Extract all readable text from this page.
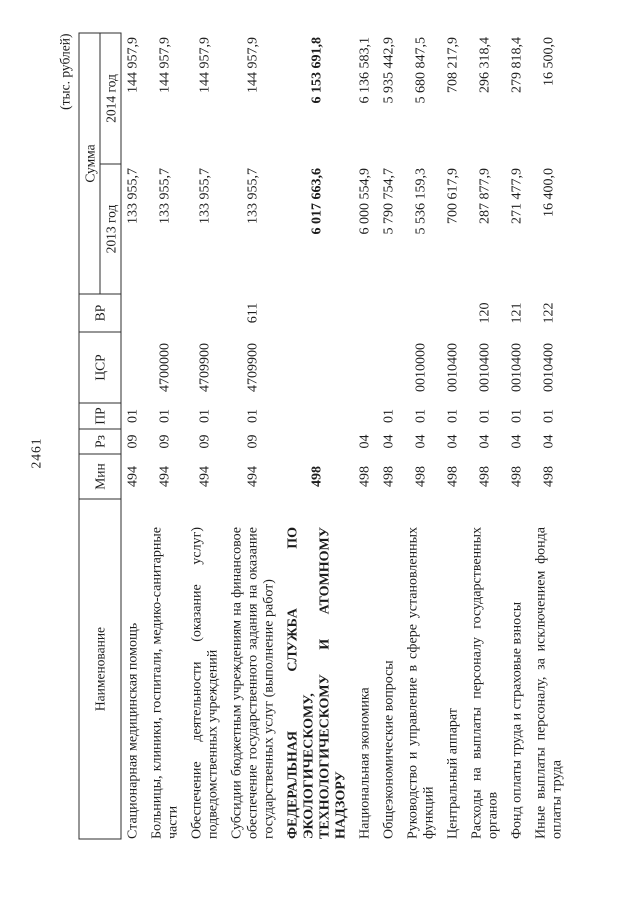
2461
(тыс. рублей)
Наименование	Мин	Рз	ПР	ЦСР	ВР	Сумма	
						2013 год	2014 год
Стационарная медицинская помощь	494	09	01			133 955,7	144 957,9
Больницы, клиники, госпитали, медико-санитарные части	494	09	01	4700000		133 955,7	144 957,9
Обеспечение деятельности (оказание услуг) подведомственных учреждений	494	09	01	4709900		133 955,7	144 957,9
Субсидии бюджетным учреждениям на финансовое обеспечение государственного задания на оказание государственных услуг (выполнение работ)	494	09	01	4709900	611	133 955,7	144 957,9
ФЕДЕРАЛЬНАЯ СЛУЖБА ПО ЭКОЛОГИЧЕСКОМУ, ТЕХНОЛОГИЧЕСКОМУ И АТОМНОМУ НАДЗОРУ	498					6 017 663,6	6 153 691,8
Национальная экономика	498	04				6 000 554,9	6 136 583,1
Общеэкономические вопросы	498	04	01			5 790 754,7	5 935 442,9
Руководство и управление в сфере установленных функций	498	04	01	0010000		5 536 159,3	5 680 847,5
Центральный аппарат	498	04	01	0010400		700 617,9	708 217,9
Расходы на выплаты персоналу государственных органов	498	04	01	0010400	120	287 877,9	296 318,4
Фонд оплаты труда и страховые взносы	498	04	01	0010400	121	271 477,9	279 818,4
Иные выплаты персоналу, за исключением фонда оплаты труда	498	04	01	0010400	122	16 400,0	16 500,0
